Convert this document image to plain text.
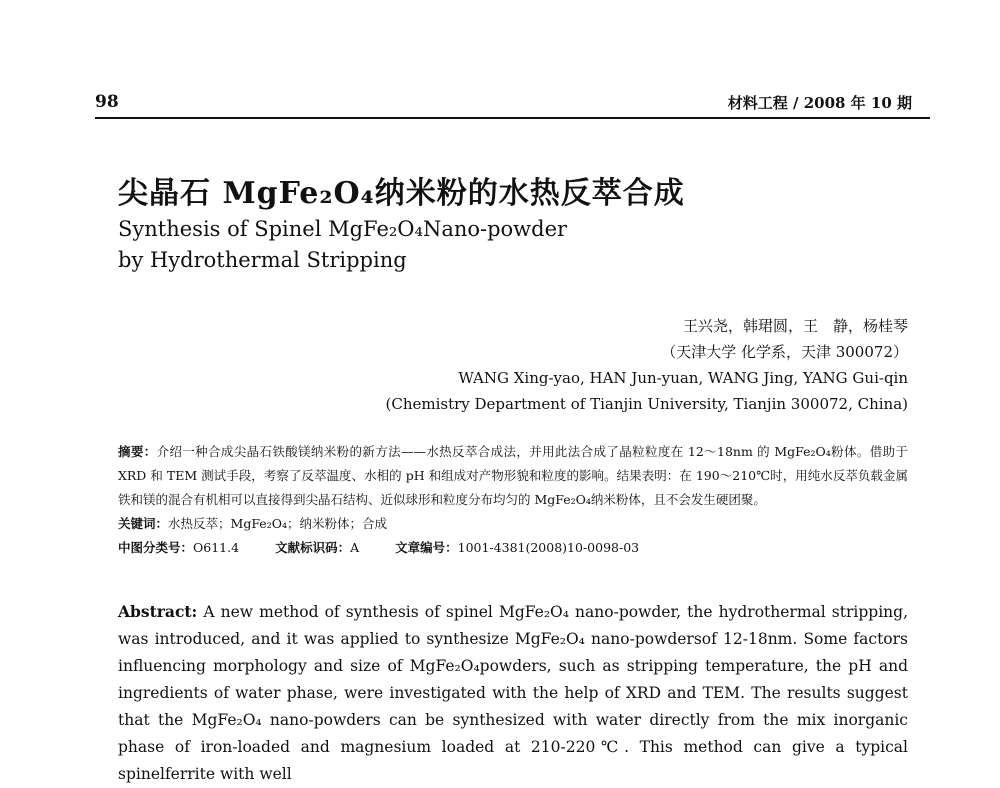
98	材料工程 / 2008 年 10 期
尖晶石 MgFe₂O₄纳米粉的水热反萃合成
Synthesis of Spinel MgFe₂O₄Nano-powder
by Hydrothermal Stripping
王兴尧，韩珺圆，王　静，杨桂琴
（天津大学 化学系，天津 300072）
WANG Xing-yao, HAN Jun-yuan, WANG Jing, YANG Gui-qin
(Chemistry Department of Tianjin University, Tianjin 300072, China)

摘要：介绍一种合成尖晶石铁酸镁纳米粉的新方法——水热反萃合成法，并用此法合成了晶粒粒度在 12～18nm 的 MgFe₂O₄粉体。借助于 XRD 和 TEM 测试手段，考察了反萃温度、水相的 pH 和组成对产物形貌和粒度的影响。结果表明：在 190～210℃时，用纯水反萃负载金属铁和镁的混合有机相可以直接得到尖晶石结构、近似球形和粒度分布均匀的 MgFe₂O₄纳米粉体，且不会发生硬团聚。

关键词：水热反萃；MgFe₂O₄；纳米粉体；合成

中图分类号：O611.4	文献标识码：A	文章编号：1001-4381(2008)10-0098-03

Abstract: A new method of synthesis of spinel MgFe₂O₄ nano-powder, the hydrothermal stripping, was introduced, and it was applied to synthesize MgFe₂O₄ nano-powdersof 12-18nm. Some factors influencing morphology and size of MgFe₂O₄powders, such as stripping temperature, the pH and ingredients of water phase, were investigated with the help of XRD and TEM. The results suggest that the MgFe₂O₄ nano-powders can be synthesized with water directly from the mix inorganic phase of iron-loaded and magnesium loaded at 210-220℃. This method can give a typical spinelferrite with well
